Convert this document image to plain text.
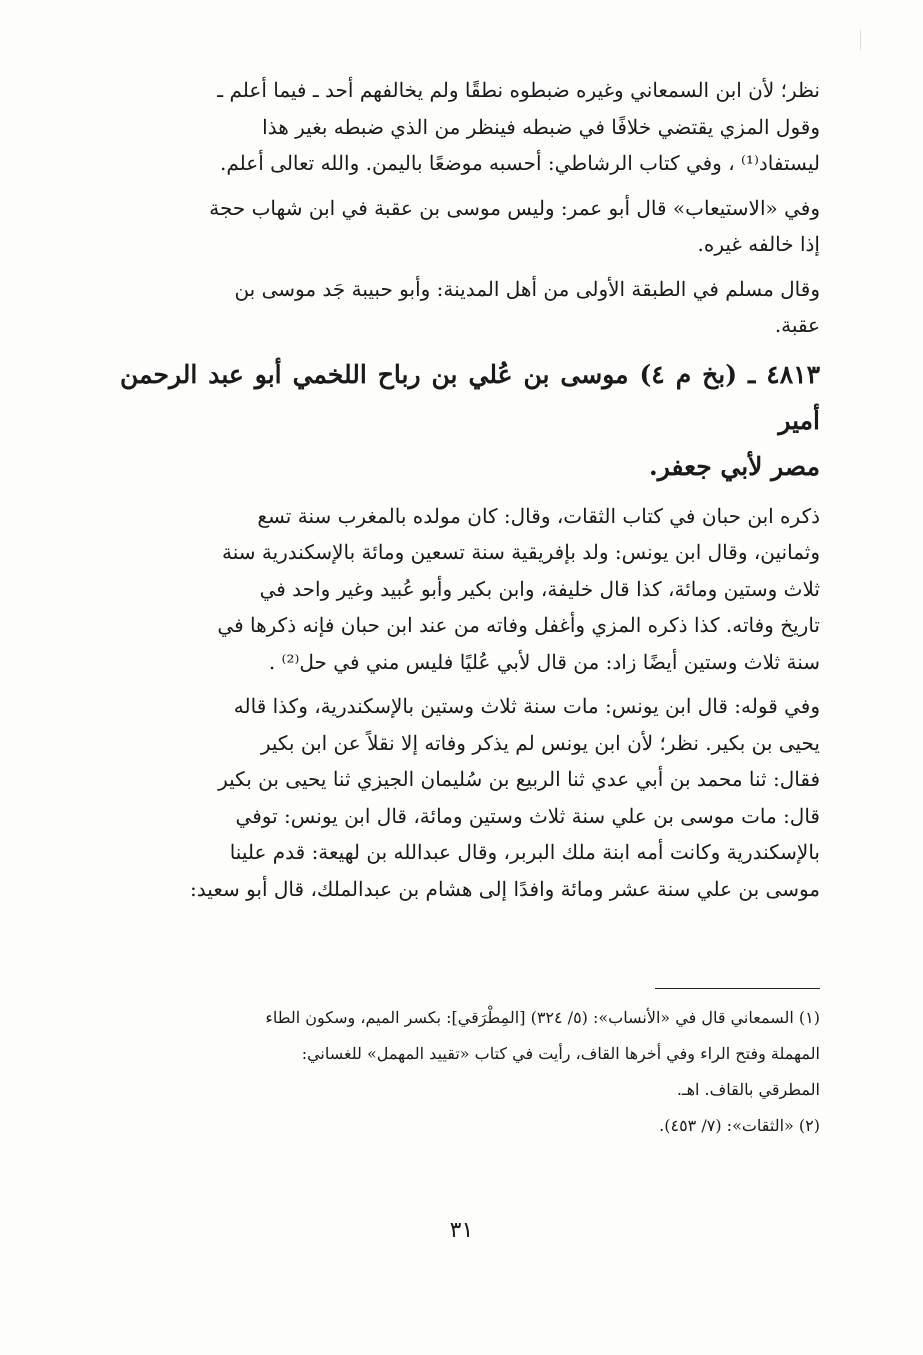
نظر؛ لأن ابن السمعاني وغيره ضبطوه نطقًا ولم يخالفهم أحد ـ فيما أعلم ـ

وقول المزي يقتضي خلافًا في ضبطه فينظر من الذي ضبطه بغير هذا

ليستفاد⁽¹⁾ ، وفي كتاب الرشاطي: أحسبه موضعًا باليمن. والله تعالى أعلم.

وفي «الاستيعاب» قال أبو عمر: وليس موسى بن عقبة في ابن شهاب حجة

إذا خالفه غيره.

وقال مسلم في الطبقة الأولى من أهل المدينة: وأبو حبيبة جَد موسى بن

عقبة.

٤٨١٣ ـ (بخ م ٤) موسى بن عُلي بن رباح اللخمي أبو عبد الرحمن أمير

مصر لأبي جعفر.

ذكره ابن حبان في كتاب الثقات، وقال: كان مولده بالمغرب سنة تسع

وثمانين، وقال ابن يونس: ولد بإفريقية سنة تسعين ومائة بالإسكندرية سنة

ثلاث وستين ومائة، كذا قال خليفة، وابن بكير وأبو عُبيد وغير واحد في

تاريخ وفاته. كذا ذكره المزي وأغفل وفاته من عند ابن حبان فإنه ذكرها في

سنة ثلاث وستين أيضًا زاد: من قال لأبي عُليًا فليس مني في حل⁽²⁾ .

وفي قوله: قال ابن يونس: مات سنة ثلاث وستين بالإسكندرية، وكذا قاله

يحيى بن بكير. نظر؛ لأن ابن يونس لم يذكر وفاته إلا نقلاً عن ابن بكير

فقال: ثنا محمد بن أبي عدي ثنا الربيع بن سُليمان الجيزي ثنا يحيى بن بكير

قال: مات موسى بن علي سنة ثلاث وستين ومائة، قال ابن يونس: توفي

بالإسكندرية وكانت أمه ابنة ملك البربر، وقال عبدالله بن لهيعة: قدم علينا

موسى بن علي سنة عشر ومائة وافدًا إلى هشام بن عبدالملك، قال أبو سعيد:

(١) السمعاني قال في «الأنساب»: (٥/ ٣٢٤) [المِطْرَقي]: بكسر الميم، وسكون الطاء

المهملة وفتح الراء وفي أخرها القاف، رأيت في كتاب «تقييد المهمل» للغساني:

المطرقي بالقاف. اهـ.

(٢) «الثقات»: (٧/ ٤٥٣).

٣١
